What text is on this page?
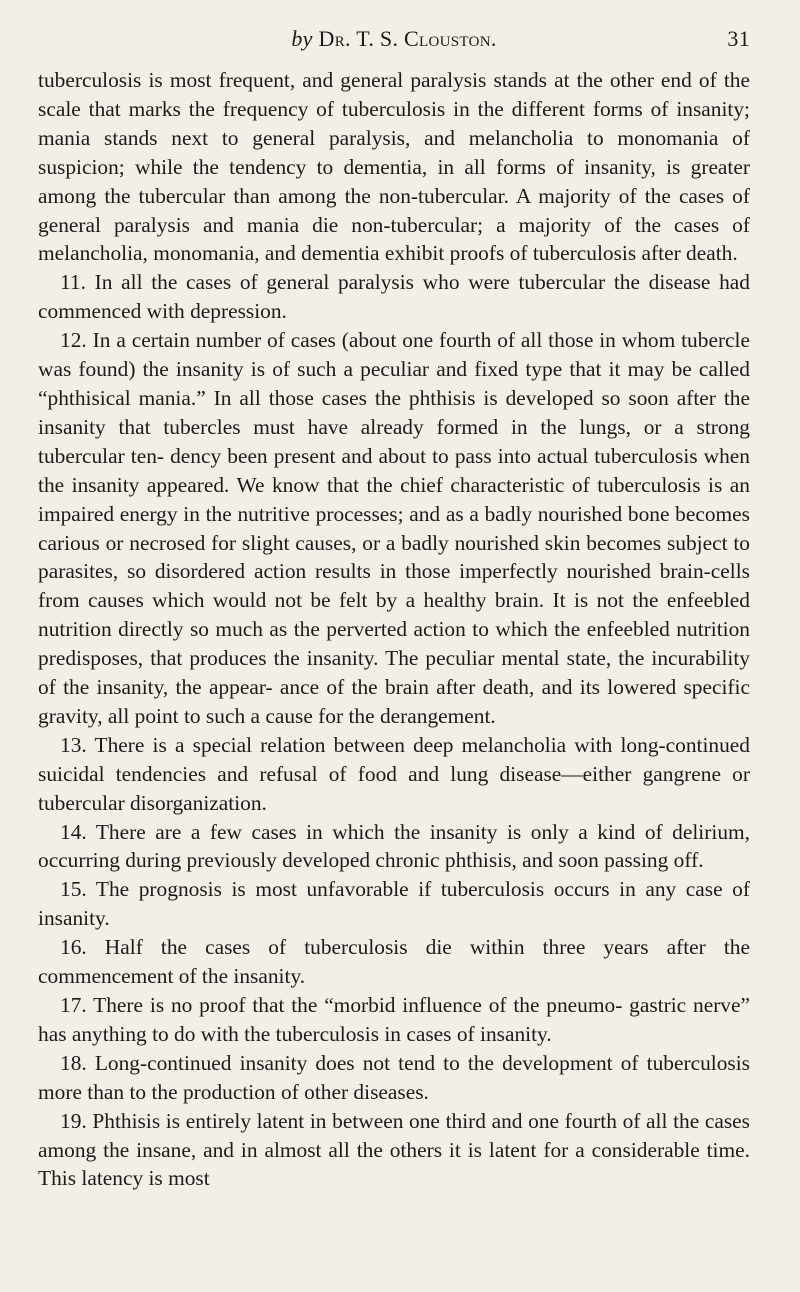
by Dr. T. S. Clouston.	31

tuberculosis is most frequent, and general paralysis stands at the other end of the scale that marks the frequency of tuberculosis in the different forms of insanity; mania stands next to general paralysis, and melancholia to monomania of suspicion; while the tendency to dementia, in all forms of insanity, is greater among the tubercular than among the non-tubercular. A majority of the cases of general paralysis and mania die non-tubercular; a majority of the cases of melancholia, monomania, and dementia exhibit proofs of tuberculosis after death.

11. In all the cases of general paralysis who were tubercular the disease had commenced with depression.

12. In a certain number of cases (about one fourth of all those in whom tubercle was found) the insanity is of such a peculiar and fixed type that it may be called “phthisical mania.” In all those cases the phthisis is developed so soon after the insanity that tubercles must have already formed in the lungs, or a strong tubercular ten- dency been present and about to pass into actual tuberculosis when the insanity appeared. We know that the chief characteristic of tuberculosis is an impaired energy in the nutritive processes; and as a badly nourished bone becomes carious or necrosed for slight causes, or a badly nourished skin becomes subject to parasites, so disordered action results in those imperfectly nourished brain-cells from causes which would not be felt by a healthy brain. It is not the enfeebled nutrition directly so much as the perverted action to which the enfeebled nutrition predisposes, that produces the insanity. The peculiar mental state, the incurability of the insanity, the appear- ance of the brain after death, and its lowered specific gravity, all point to such a cause for the derangement.

13. There is a special relation between deep melancholia with long-continued suicidal tendencies and refusal of food and lung disease—either gangrene or tubercular disorganization.

14. There are a few cases in which the insanity is only a kind of delirium, occurring during previously developed chronic phthisis, and soon passing off.

15. The prognosis is most unfavorable if tuberculosis occurs in any case of insanity.

16. Half the cases of tuberculosis die within three years after the commencement of the insanity.

17. There is no proof that the “morbid influence of the pneumo- gastric nerve” has anything to do with the tuberculosis in cases of insanity.

18. Long-continued insanity does not tend to the development of tuberculosis more than to the production of other diseases.

19. Phthisis is entirely latent in between one third and one fourth of all the cases among the insane, and in almost all the others it is latent for a considerable time. This latency is most
